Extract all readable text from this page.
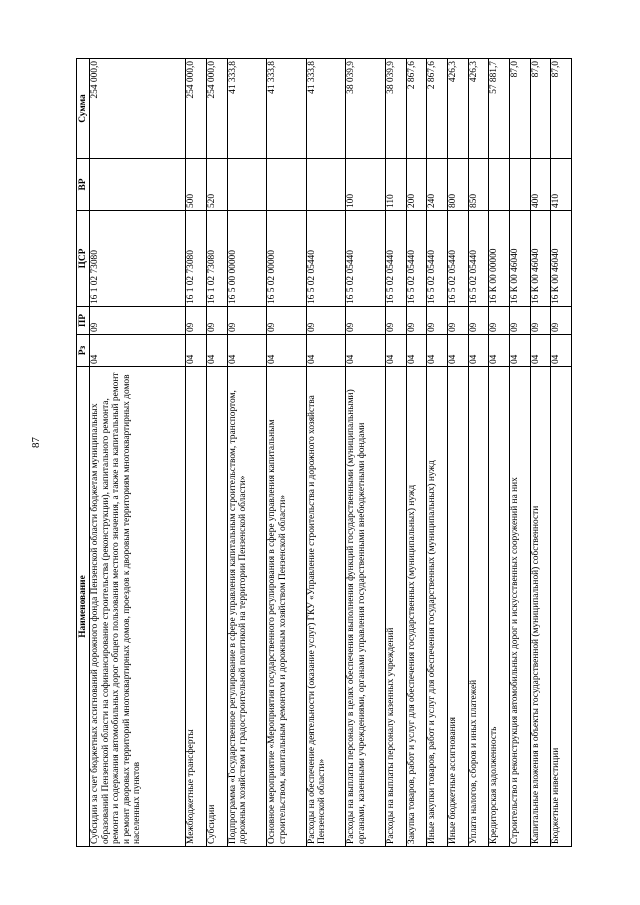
87
Наименование	Рз	ПР	ЦСР	ВР	Сумма
Субсидии за счет бюджетных ассигнований дорожного фонда Пензенской области бюджетам муниципальных образований Пензенской области на софинансирование строительства (реконструкции), капитального ремонта, ремонта и содержания автомобильных дорог общего пользования местного значения, а также на капитальный ремонт и ремонт дворовых территорий многоквартирных домов, проездов к дворовым территориям многоквартирных домов населенных пунктов	04	09	16 1 02 73080		254 000,0
Межбюджетные трансферты	04	09	16 1 02 73080	500	254 000,0
Субсидии	04	09	16 1 02 73080	520	254 000,0
Подпрограмма «Государственное регулирование в сфере управления капитальным строительством, транспортом, дорожным хозяйством и градостроительной политикой на территории Пензенской области»	04	09	16 5 00 00000		41 333,8
Основное мероприятие «Мероприятия государственного регулирования в сфере управления капитальным строительством, капитальным ремонтом и дорожным хозяйством Пензенской области»	04	09	16 5 02 00000		41 333,8
Расходы на обеспечение деятельности (оказание услуг) ГКУ «Управление строительства и дорожного хозяйства Пензенской области»	04	09	16 5 02 05440		41 333,8
Расходы на выплаты персоналу в целях обеспечения выполнения функций государственными (муниципальными) органами, казенными учреждениями, органами управления государственными внебюджетными фондами	04	09	16 5 02 05440	100	38 039,9
Расходы на выплаты персоналу казенных учреждений	04	09	16 5 02 05440	110	38 039,9
Закупка товаров, работ и услуг для обеспечения государственных (муниципальных) нужд	04	09	16 5 02 05440	200	2 867,6
Иные закупки товаров, работ и услуг для обеспечения государственных (муниципальных) нужд	04	09	16 5 02 05440	240	2 867,6
Иные бюджетные ассигнования	04	09	16 5 02 05440	800	426,3
Уплата налогов, сборов и иных платежей	04	09	16 5 02 05440	850	426,3
Кредиторская задолженность	04	09	16 К 00 00000		57 881,7
Строительство и реконструкция автомобильных дорог и искусственных сооружений на них	04	09	16 К 00 46040		87,0
Капитальные вложения в объекты государственной (муниципальной) собственности	04	09	16 К 00 46040	400	87,0
Бюджетные инвестиции	04	09	16 К 00 46040	410	87,0
